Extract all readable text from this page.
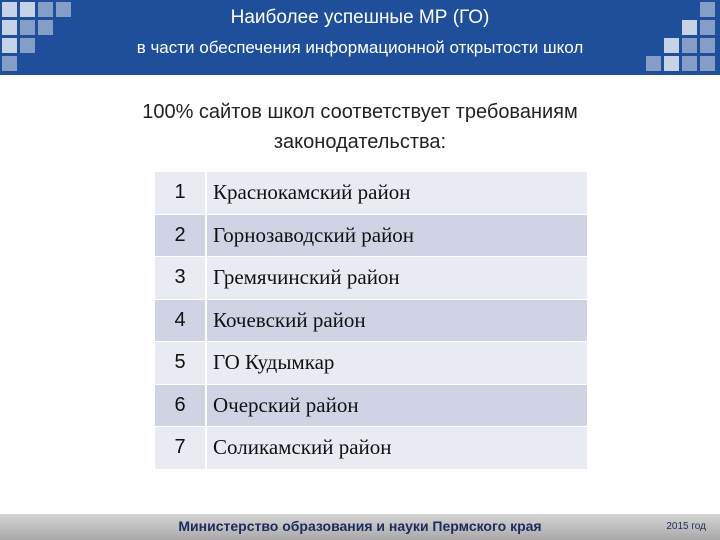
Наиболее успешные МР (ГО)
в части обеспечения информационной открытости школ
100% сайтов школ соответствует требованиям
законодательства:
1	Краснокамский район
2	Горнозаводский район
3	Гремячинский район
4	Кочевский район
5	ГО Кудымкар
6	Очерский район
7	Соликамский район
Министерство образования и науки Пермского края	2015 год
